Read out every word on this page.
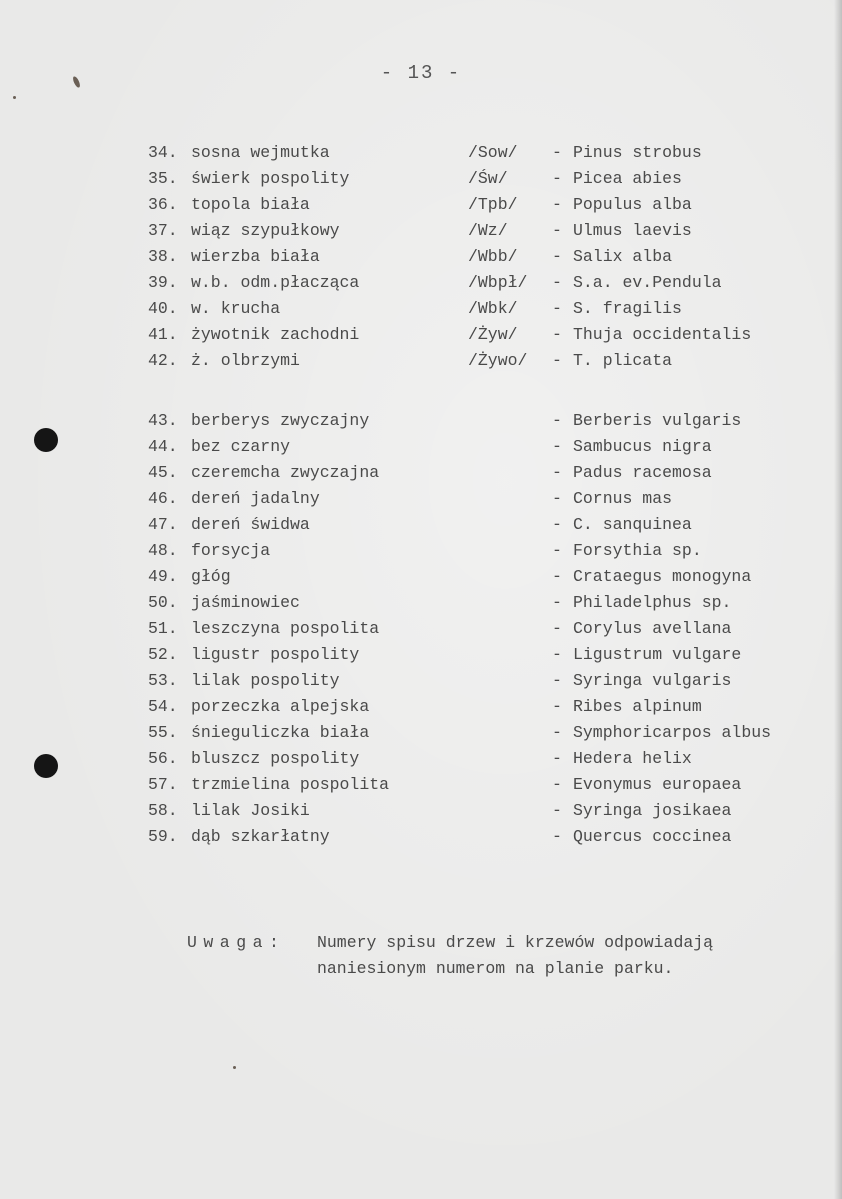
- 13 -
34. sosna wejmutka	/Sow/ - Pinus strobus
35. świerk pospolity	/Św/	- Picea abies
36. topola biała	/Tpb/ - Populus alba
37. wiąz szypułkowy	/Wz/	- Ulmus laevis
38. wierzba biała	/Wbb/ - Salix alba
39. w.b. odm.płacząca	/Wbpł/ - S.a. ev.Pendula
40. w. krucha	/Wbk/ - S. fragilis
41. żywotnik zachodni	/Żyw/ - Thuja occidentalis
42. ż. olbrzymi	/Żywo/ - T. plicata
43. berberys zwyczajny	- Berberis vulgaris
44. bez czarny	- Sambucus nigra
45. czeremcha zwyczajna	- Padus racemosa
46. dereń jadalny	- Cornus mas
47. dereń świdwa	- C. sanquinea
48. forsycja	- Forsythia sp.
49. głóg	- Crataegus monogyna
50. jaśminowiec	- Philadelphus sp.
51. leszczyna pospolita	- Corylus avellana
52. ligustr pospolity	- Ligustrum vulgare
53. lilak pospolity	- Syringa vulgaris
54. porzeczka alpejska	- Ribes alpinum
55. śnieguliczka biała	- Symphoricarpos albus
56. bluszcz pospolity	- Hedera helix
57. trzmielina pospolita	- Evonymus europaea
58. lilak Josiki	- Syringa josikaea
59. dąb szkarłatny	- Quercus coccinea
Uwaga: Numery spisu drzew i krzewów odpowiadają
naniesionym numerom na planie parku.
